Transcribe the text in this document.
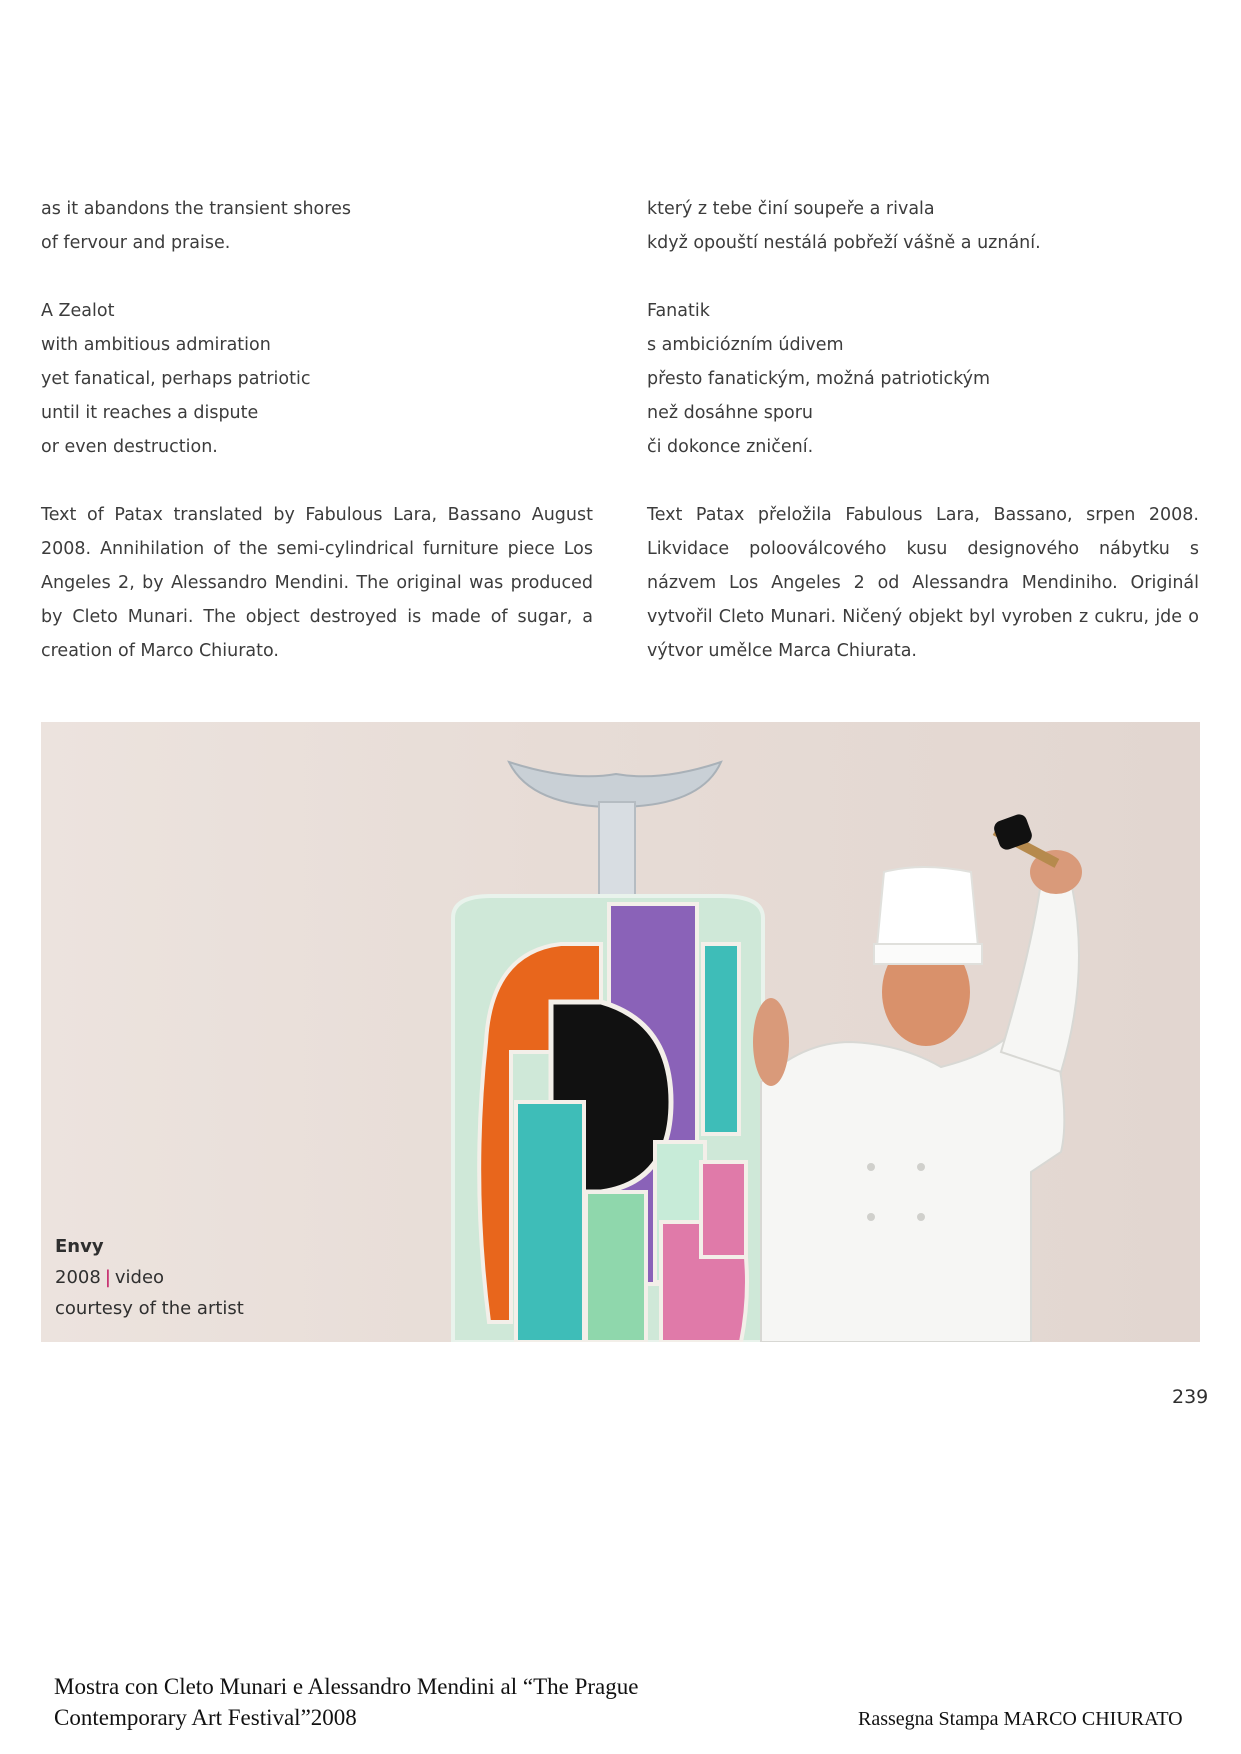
as it abandons the transient shores
of fervour and praise.
A Zealot
with ambitious admiration
yet fanatical, perhaps patriotic
until it reaches a dispute
or even destruction.

Text of Patax translated by Fabulous Lara, Bassano August 2008. Annihilation of the semi-cylindrical furniture piece Los Angeles 2, by Alessandro Mendini. The original was produced by Cleto Munari. The object destroyed is made of sugar, a creation of Marco Chiurato.

který z tebe činí soupeře a rivala
když opouští nestálá pobřeží vášně a uznání.
Fanatik
s ambiciózním údivem
přesto fanatickým, možná patriotickým
než dosáhne sporu
či dokonce zničení.

Text Patax přeložila Fabulous Lara, Bassano, srpen 2008. Likvidace polooválcového kusu designového nábytku s názvem Los Angeles 2 od Alessandra Mendiniho. Originál vytvořil Cleto Munari. Ničený objekt byl vyroben z cukru, jde o výtvor umělce Marca Chiurata.

Envy
2008 | video
courtesy of the artist
239
Mostra con Cleto Munari e Alessandro Mendini al “The Prague Contemporary Art Festival”2008	Rassegna Stampa MARCO CHIURATO
